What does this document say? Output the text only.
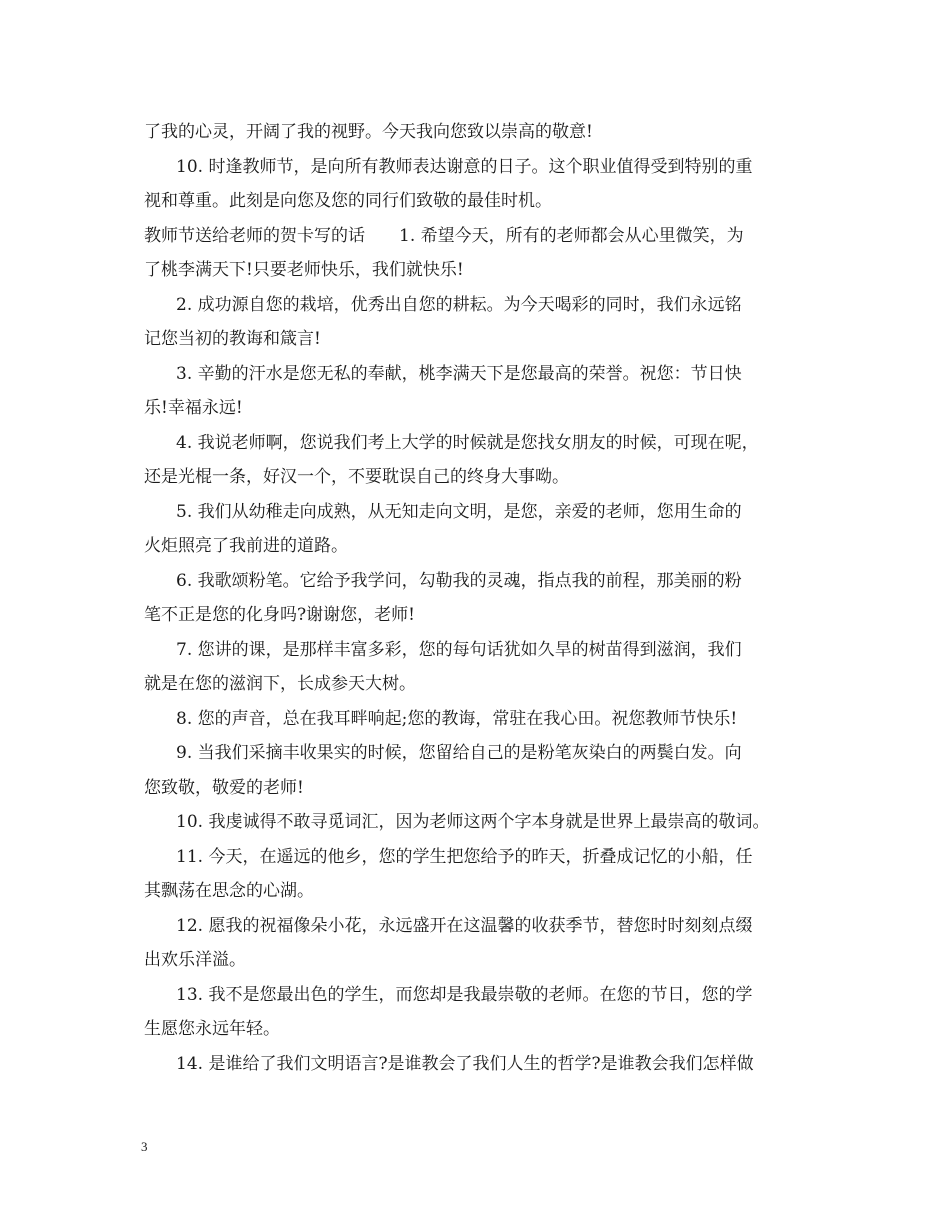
了我的心灵，开阔了我的视野。今天我向您致以崇高的敬意!
10. 时逢教师节，是向所有教师表达谢意的日子。这个职业值得受到特别的重
视和尊重。此刻是向您及您的同行们致敬的最佳时机。
教师节送给老师的贺卡写的话　　1. 希望今天，所有的老师都会从心里微笑，为
了桃李满天下!只要老师快乐，我们就快乐!
2. 成功源自您的栽培，优秀出自您的耕耘。为今天喝彩的同时，我们永远铭
记您当初的教诲和箴言!
3. 辛勤的汗水是您无私的奉献，桃李满天下是您最高的荣誉。祝您：节日快
乐!幸福永远!
4. 我说老师啊，您说我们考上大学的时候就是您找女朋友的时候，可现在呢，
还是光棍一条，好汉一个，不要耽误自己的终身大事呦。
5. 我们从幼稚走向成熟，从无知走向文明，是您，亲爱的老师，您用生命的
火炬照亮了我前进的道路。
6. 我歌颂粉笔。它给予我学问，勾勒我的灵魂，指点我的前程，那美丽的粉
笔不正是您的化身吗?谢谢您，老师!
7. 您讲的课，是那样丰富多彩，您的每句话犹如久旱的树苗得到滋润，我们
就是在您的滋润下，长成参天大树。
8. 您的声音，总在我耳畔响起;您的教诲，常驻在我心田。祝您教师节快乐!
9. 当我们采摘丰收果实的时候，您留给自己的是粉笔灰染白的两鬓白发。向
您致敬，敬爱的老师!
10. 我虔诚得不敢寻觅词汇，因为老师这两个字本身就是世界上最崇高的敬词。
11. 今天，在遥远的他乡，您的学生把您给予的昨天，折叠成记忆的小船，任
其飘荡在思念的心湖。
12. 愿我的祝福像朵小花，永远盛开在这温馨的收获季节，替您时时刻刻点缀
出欢乐洋溢。
13. 我不是您最出色的学生，而您却是我最崇敬的老师。在您的节日，您的学
生愿您永远年轻。
14. 是谁给了我们文明语言?是谁教会了我们人生的哲学?是谁教会我们怎样做
3
